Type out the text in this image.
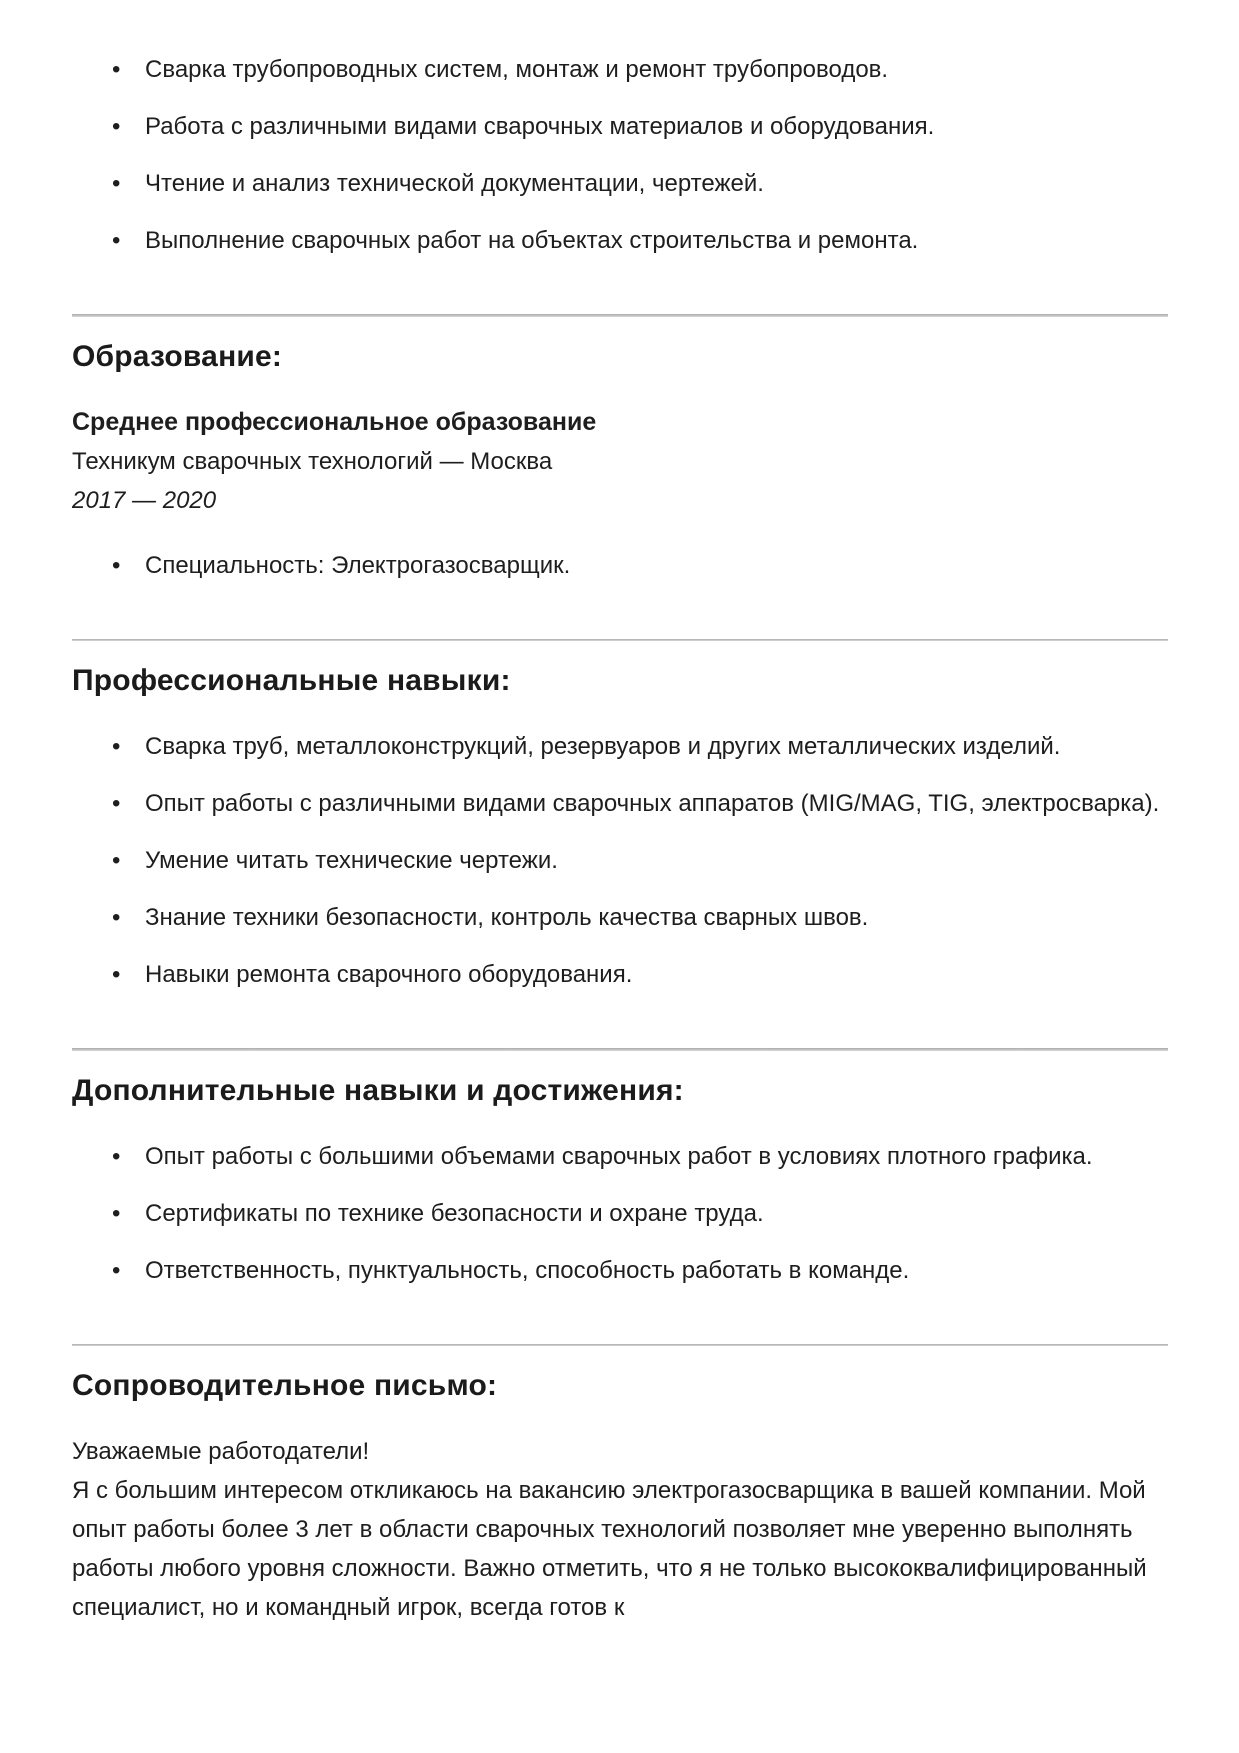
• Сварка трубопроводных систем, монтаж и ремонт трубопроводов.
• Работа с различными видами сварочных материалов и оборудования.
• Чтение и анализ технической документации, чертежей.
• Выполнение сварочных работ на объектах строительства и ремонта.
Образование:

Среднее профессиональное образование

Техникум сварочных технологий — Москва

2017 — 2020

• Специальность: Электрогазосварщик.
Профессиональные навыки:
• Сварка труб, металлоконструкций, резервуаров и других металлических изделий.
• Опыт работы с различными видами сварочных аппаратов (MIG/MAG, TIG, электросварка).
• Умение читать технические чертежи.
• Знание техники безопасности, контроль качества сварных швов.
• Навыки ремонта сварочного оборудования.
Дополнительные навыки и достижения:
• Опыт работы с большими объемами сварочных работ в условиях плотного графика.
• Сертификаты по технике безопасности и охране труда.
• Ответственность, пунктуальность, способность работать в команде.
Сопроводительное письмо:

Уважаемые работодатели!

Я с большим интересом откликаюсь на вакансию электрогазосварщика в вашей компании. Мой опыт работы более 3 лет в области сварочных технологий позволяет мне уверенно выполнять работы любого уровня сложности. Важно отметить, что я не только высококвалифицированный специалист, но и командный игрок, всегда готов к
